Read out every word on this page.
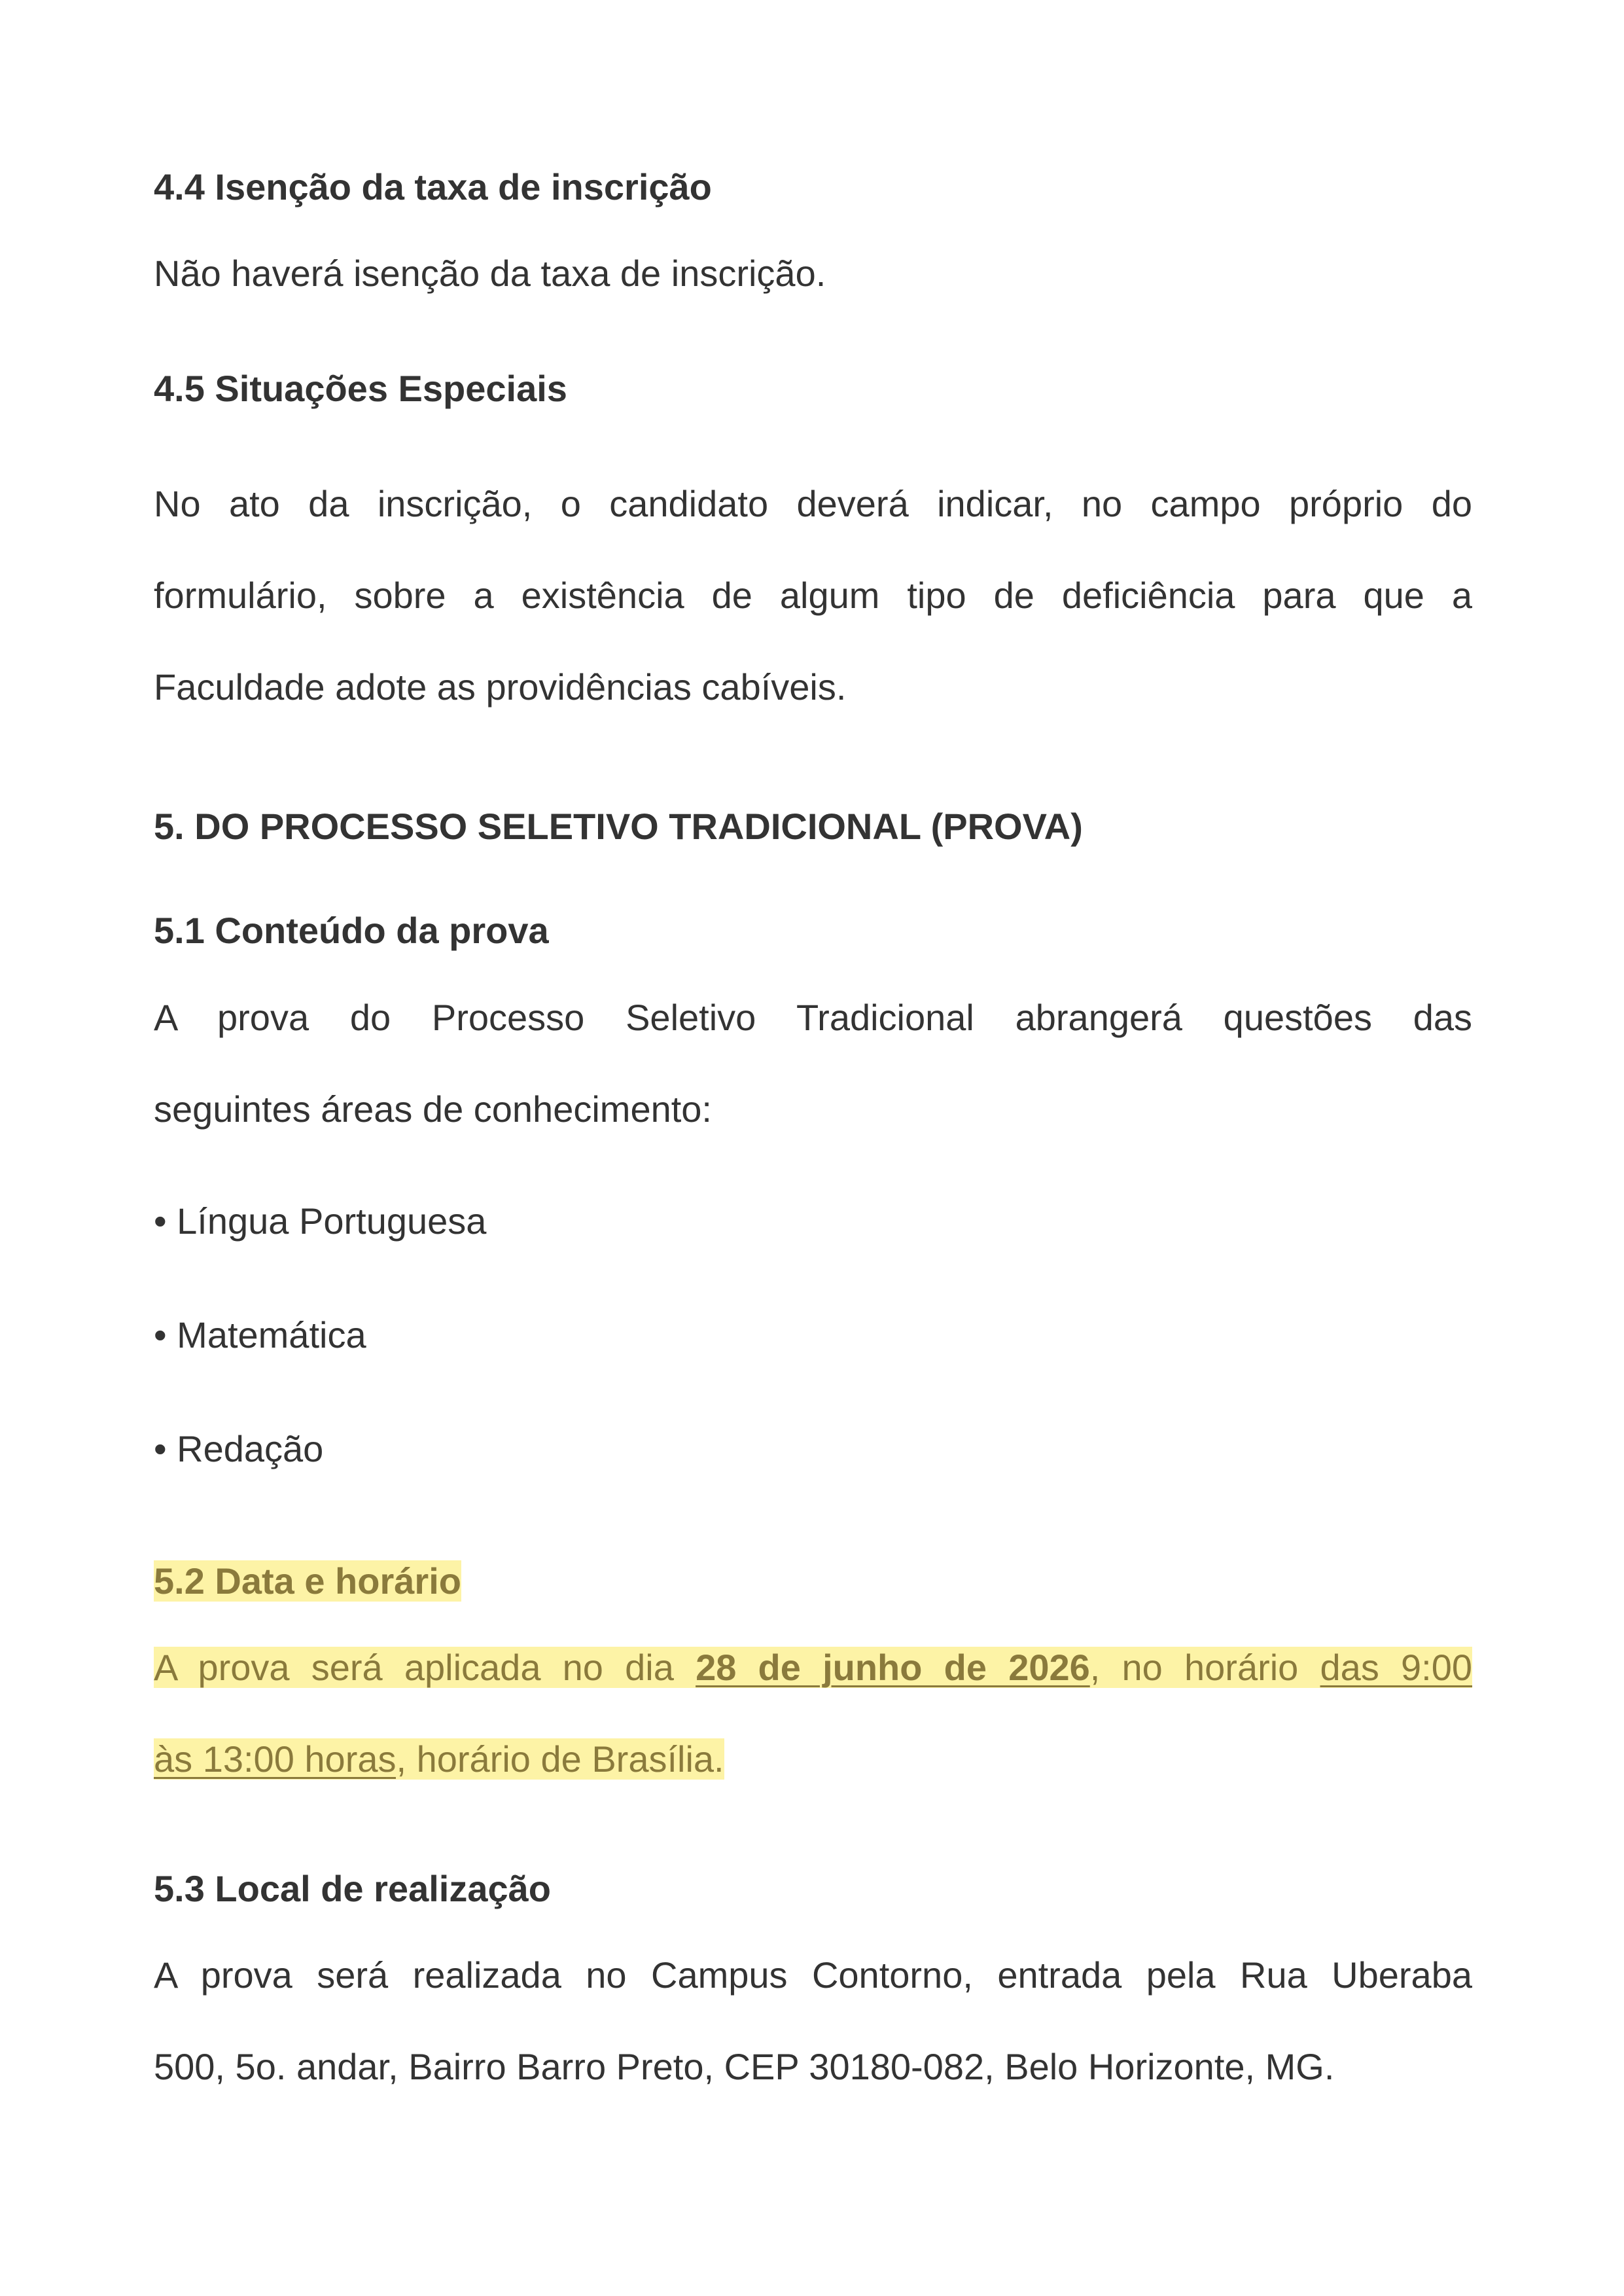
4.4 Isenção da taxa de inscrição

Não haverá isenção da taxa de inscrição.

4.5 Situações Especiais

No ato da inscrição, o candidato deverá indicar, no campo próprio do
formulário, sobre a existência de algum tipo de deficiência para que a
Faculdade adote as providências cabíveis.

5. DO PROCESSO SELETIVO TRADICIONAL (PROVA)

5.1 Conteúdo da prova

A prova do Processo Seletivo Tradicional abrangerá questões das
seguintes áreas de conhecimento:

• Língua Portuguesa

• Matemática

• Redação

5.2 Data e horário

A prova será aplicada no dia 28 de junho de 2026, no horário das 9:00
às 13:00 horas, horário de Brasília.

5.3 Local de realização

A prova será realizada no Campus Contorno, entrada pela Rua Uberaba
500, 5o. andar, Bairro Barro Preto, CEP 30180-082, Belo Horizonte, MG.
